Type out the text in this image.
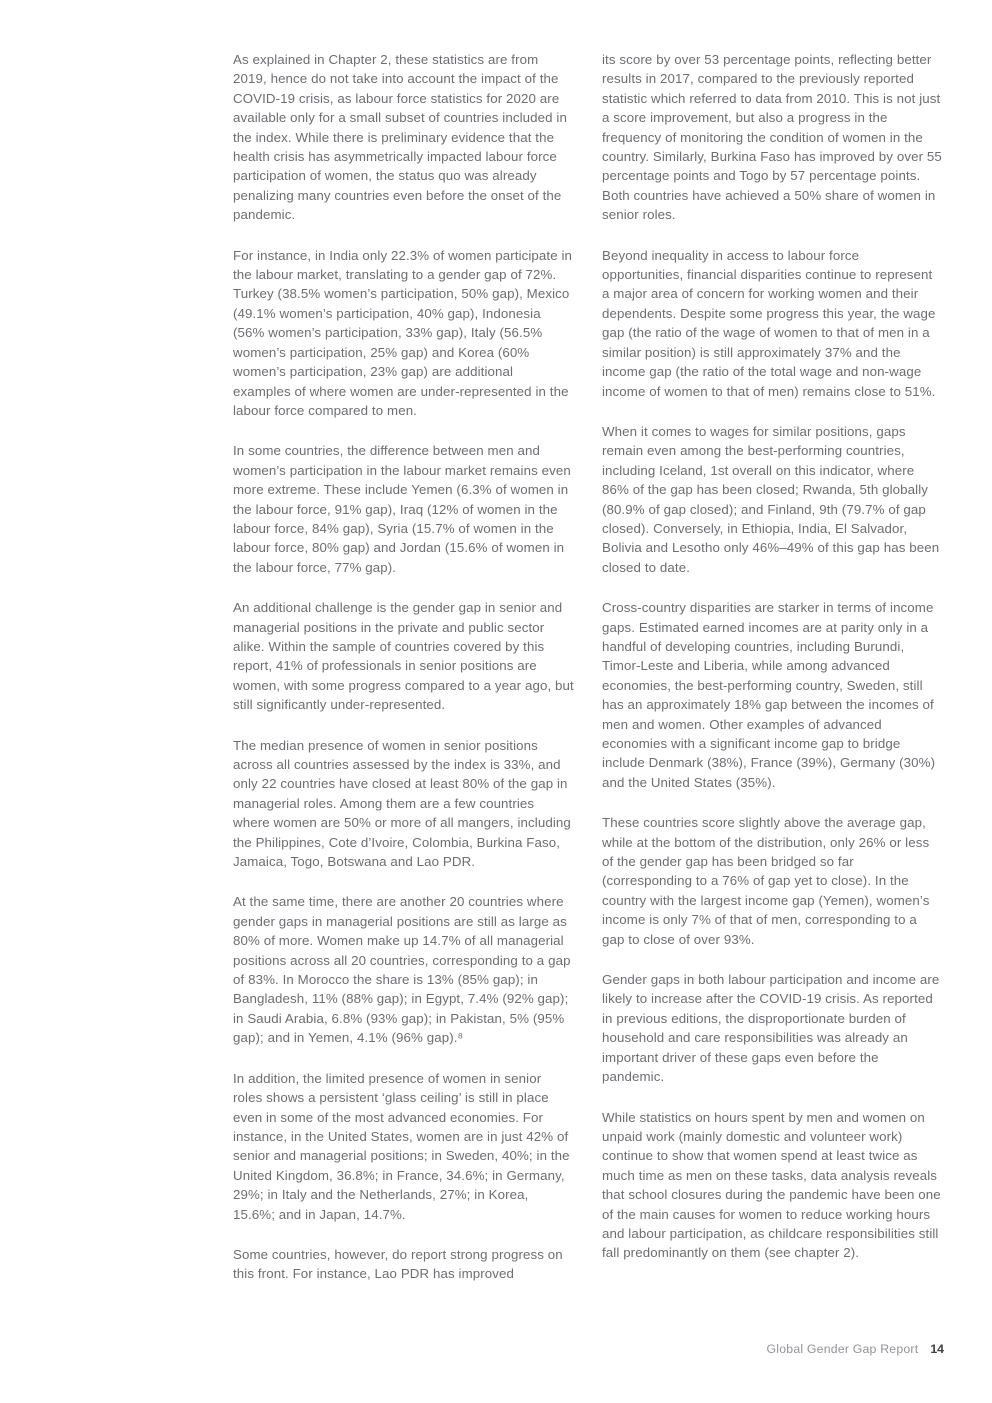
As explained in Chapter 2, these statistics are from 2019, hence do not take into account the impact of the COVID-19 crisis, as labour force statistics for 2020 are available only for a small subset of countries included in the index. While there is preliminary evidence that the health crisis has asymmetrically impacted labour force participation of women, the status quo was already penalizing many countries even before the onset of the pandemic.

For instance, in India only 22.3% of women participate in the labour market, translating to a gender gap of 72%. Turkey (38.5% women’s participation, 50% gap), Mexico (49.1% women’s participation, 40% gap), Indonesia (56% women’s participation, 33% gap), Italy (56.5% women’s participation, 25% gap) and Korea (60% women’s participation, 23% gap) are additional examples of where women are under-represented in the labour force compared to men.

In some countries, the difference between men and women’s participation in the labour market remains even more extreme. These include Yemen (6.3% of women in the labour force, 91% gap), Iraq (12% of women in the labour force, 84% gap), Syria (15.7% of women in the labour force, 80% gap) and Jordan (15.6% of women in the labour force, 77% gap).

An additional challenge is the gender gap in senior and managerial positions in the private and public sector alike. Within the sample of countries covered by this report, 41% of professionals in senior positions are women, with some progress compared to a year ago, but still significantly under-represented.

The median presence of women in senior positions across all countries assessed by the index is 33%, and only 22 countries have closed at least 80% of the gap in managerial roles. Among them are a few countries where women are 50% or more of all mangers, including the Philippines, Cote d’Ivoire, Colombia, Burkina Faso, Jamaica, Togo, Botswana and Lao PDR.

At the same time, there are another 20 countries where gender gaps in managerial positions are still as large as 80% of more. Women make up 14.7% of all managerial positions across all 20 countries, corresponding to a gap of 83%. In Morocco the share is 13% (85% gap); in Bangladesh, 11% (88% gap); in Egypt, 7.4% (92% gap); in Saudi Arabia, 6.8% (93% gap); in Pakistan, 5% (95% gap); and in Yemen, 4.1% (96% gap).⁸

In addition, the limited presence of women in senior roles shows a persistent ‘glass ceiling’ is still in place even in some of the most advanced economies. For instance, in the United States, women are in just 42% of senior and managerial positions; in Sweden, 40%; in the United Kingdom, 36.8%; in France, 34.6%; in Germany, 29%; in Italy and the Netherlands, 27%; in Korea, 15.6%; and in Japan, 14.7%.

Some countries, however, do report strong progress on this front. For instance, Lao PDR has improved

its score by over 53 percentage points, reflecting better results in 2017, compared to the previously reported statistic which referred to data from 2010. This is not just a score improvement, but also a progress in the frequency of monitoring the condition of women in the country. Similarly, Burkina Faso has improved by over 55 percentage points and Togo by 57 percentage points. Both countries have achieved a 50% share of women in senior roles.

Beyond inequality in access to labour force opportunities, financial disparities continue to represent a major area of concern for working women and their dependents. Despite some progress this year, the wage gap (the ratio of the wage of women to that of men in a similar position) is still approximately 37% and the income gap (the ratio of the total wage and non-wage income of women to that of men) remains close to 51%.

When it comes to wages for similar positions, gaps remain even among the best-performing countries, including Iceland, 1st overall on this indicator, where 86% of the gap has been closed; Rwanda, 5th globally (80.9% of gap closed); and Finland, 9th (79.7% of gap closed). Conversely, in Ethiopia, India, El Salvador, Bolivia and Lesotho only 46%–49% of this gap has been closed to date.

Cross-country disparities are starker in terms of income gaps. Estimated earned incomes are at parity only in a handful of developing countries, including Burundi, Timor-Leste and Liberia, while among advanced economies, the best-performing country, Sweden, still has an approximately 18% gap between the incomes of men and women. Other examples of advanced economies with a significant income gap to bridge include Denmark (38%), France (39%), Germany (30%) and the United States (35%).

These countries score slightly above the average gap, while at the bottom of the distribution, only 26% or less of the gender gap has been bridged so far (corresponding to a 76% of gap yet to close). In the country with the largest income gap (Yemen), women’s income is only 7% of that of men, corresponding to a gap to close of over 93%.

Gender gaps in both labour participation and income are likely to increase after the COVID-19 crisis. As reported in previous editions, the disproportionate burden of household and care responsibilities was already an important driver of these gaps even before the pandemic.

While statistics on hours spent by men and women on unpaid work (mainly domestic and volunteer work) continue to show that women spend at least twice as much time as men on these tasks, data analysis reveals that school closures during the pandemic have been one of the main causes for women to reduce working hours and labour participation, as childcare responsibilities still fall predominantly on them (see chapter 2).

Global Gender Gap Report 14
